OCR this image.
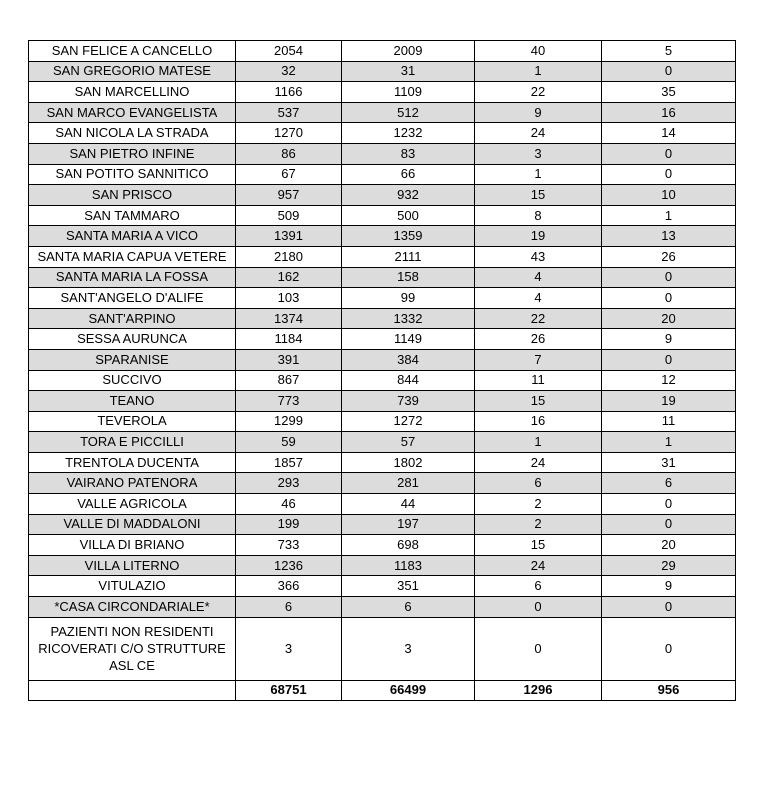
SAN FELICE A CANCELLO	2054	2009	40	5
SAN GREGORIO MATESE	32	31	1	0
SAN MARCELLINO	1166	1109	22	35
SAN MARCO EVANGELISTA	537	512	9	16
SAN NICOLA LA STRADA	1270	1232	24	14
SAN PIETRO INFINE	86	83	3	0
SAN POTITO SANNITICO	67	66	1	0
SAN PRISCO	957	932	15	10
SAN TAMMARO	509	500	8	1
SANTA MARIA A VICO	1391	1359	19	13
SANTA MARIA CAPUA VETERE	2180	2111	43	26
SANTA MARIA LA FOSSA	162	158	4	0
SANT'ANGELO D'ALIFE	103	99	4	0
SANT'ARPINO	1374	1332	22	20
SESSA AURUNCA	1184	1149	26	9
SPARANISE	391	384	7	0
SUCCIVO	867	844	11	12
TEANO	773	739	15	19
TEVEROLA	1299	1272	16	11
TORA E PICCILLI	59	57	1	1
TRENTOLA DUCENTA	1857	1802	24	31
VAIRANO PATENORA	293	281	6	6
VALLE AGRICOLA	46	44	2	0
VALLE DI MADDALONI	199	197	2	0
VILLA DI BRIANO	733	698	15	20
VILLA LITERNO	1236	1183	24	29
VITULAZIO	366	351	6	9
*CASA CIRCONDARIALE*	6	6	0	0
PAZIENTI NON RESIDENTI RICOVERATI C/O STRUTTURE ASL CE	3	3	0	0
	68751	66499	1296	956
